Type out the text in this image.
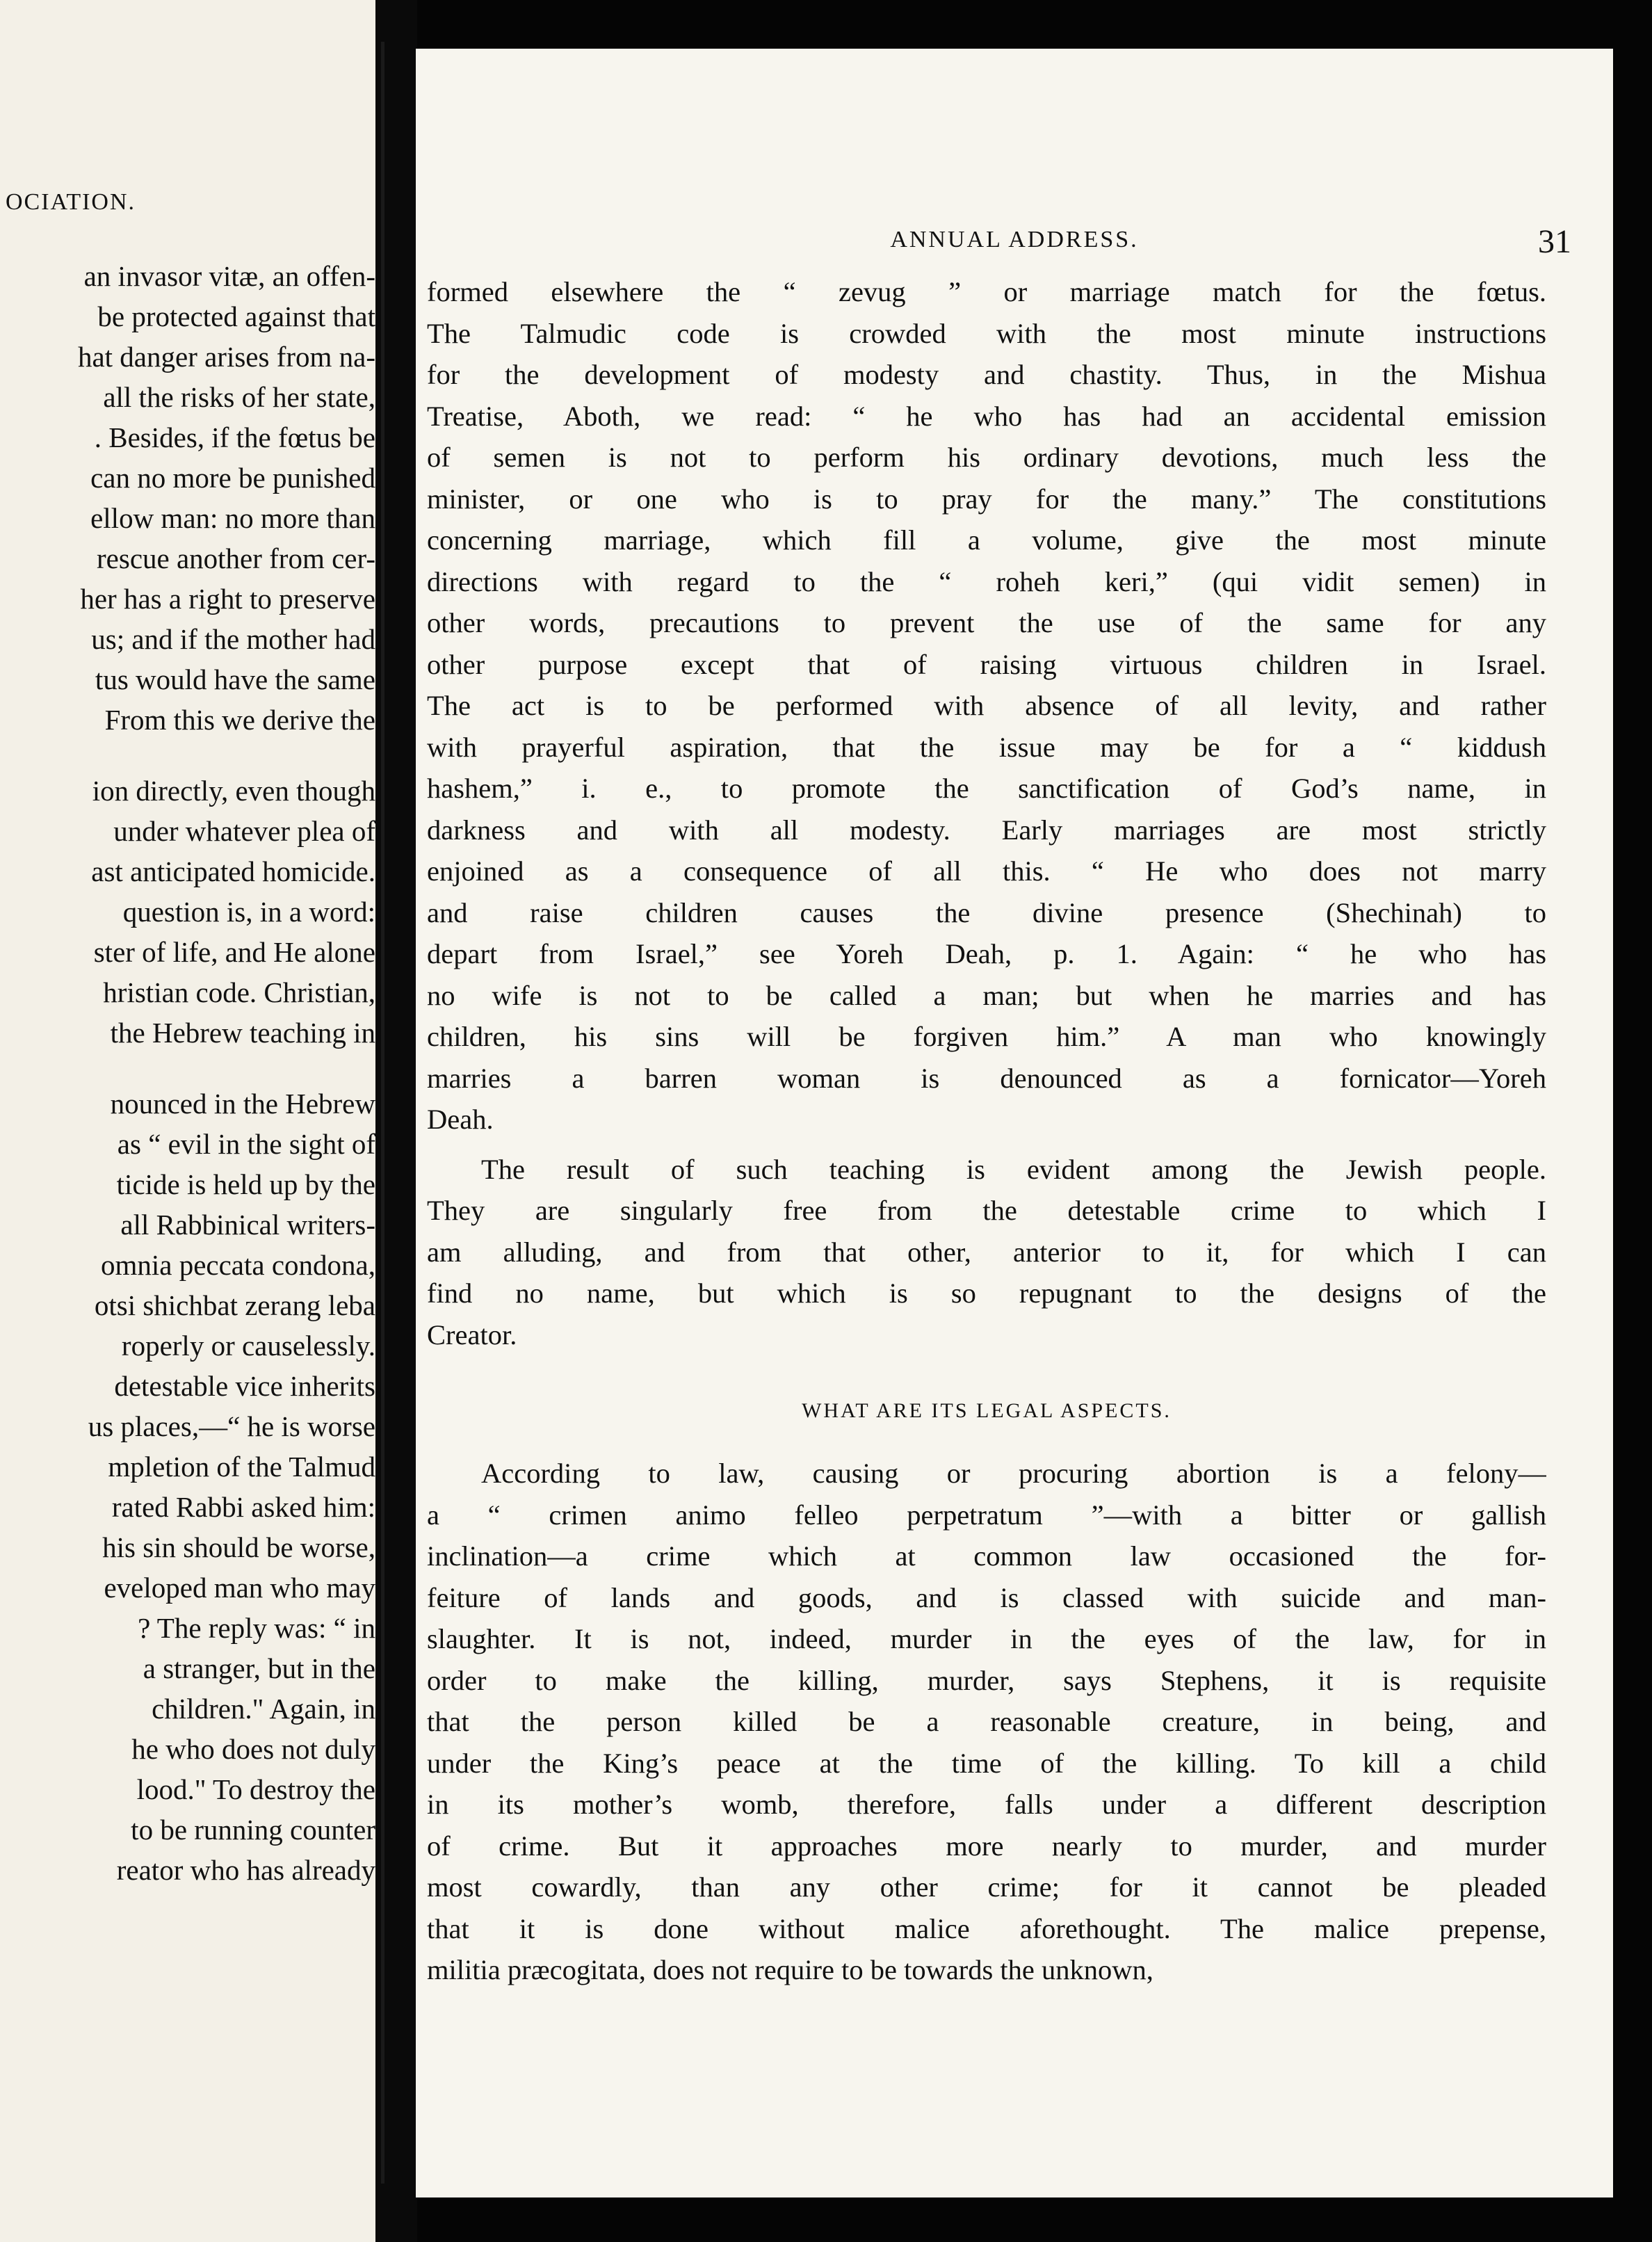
OCIATION.
an invasor vitæ, an offen-
be protected against that
hat danger arises from na-
all the risks of her state,
. Besides, if the fœtus be
can no more be punished
ellow man: no more than
rescue another from cer-
her has a right to preserve
us; and if the mother had
tus would have the same
From this we derive the
ion directly, even though
under whatever plea of
ast anticipated homicide.
question is, in a word:
ster of life, and He alone
hristian code. Christian,
the Hebrew teaching in
nounced in the Hebrew
as “ evil in the sight of
ticide is held up by the
all Rabbinical writers-
omnia peccata condona,
otsi shichbat zerang leba
roperly or causelessly.
detestable vice inherits
us places,—“ he is worse
mpletion of the Talmud
rated Rabbi asked him:
his sin should be worse,
eveloped man who may
? The reply was: “ in
a stranger, but in the
children." Again, in
he who does not duly
lood." To destroy the
to be running counter
reator who has already
ANNUAL ADDRESS.	31
formed elsewhere the “ zevug ” or marriage match for the fœtus.
The Talmudic code is crowded with the most minute instructions
for the development of modesty and chastity. Thus, in the Mishua
Treatise, Aboth, we read: “ he who has had an accidental emission
of semen is not to perform his ordinary devotions, much less the
minister, or one who is to pray for the many.” The constitutions
concerning marriage, which fill a volume, give the most minute
directions with regard to the “ roheh keri,” (qui vidit semen) in
other words, precautions to prevent the use of the same for any
other purpose except that of raising virtuous children in Israel.
The act is to be performed with absence of all levity, and rather
with prayerful aspiration, that the issue may be for a “ kiddush
hashem,” i. e., to promote the sanctification of God’s name, in
darkness and with all modesty. Early marriages are most strictly
enjoined as a consequence of all this. “ He who does not marry
and raise children causes the divine presence (Shechinah) to
depart from Israel,” see Yoreh Deah, p. 1. Again: “ he who has
no wife is not to be called a man; but when he marries and has
children, his sins will be forgiven him.” A man who knowingly
marries a barren woman is denounced as a fornicator—Yoreh
Deah.
The result of such teaching is evident among the Jewish people.
They are singularly free from the detestable crime to which I
am alluding, and from that other, anterior to it, for which I can
find no name, but which is so repugnant to the designs of the
Creator.
WHAT ARE ITS LEGAL ASPECTS.
According to law, causing or procuring abortion is a felony—
a “ crimen animo felleo perpetratum ”—with a bitter or gallish
inclination—a crime which at common law occasioned the for-
feiture of lands and goods, and is classed with suicide and man-
slaughter. It is not, indeed, murder in the eyes of the law, for in
order to make the killing, murder, says Stephens, it is requisite
that the person killed be a reasonable creature, in being, and
under the King’s peace at the time of the killing. To kill a child
in its mother’s womb, therefore, falls under a different description
of crime. But it approaches more nearly to murder, and murder
most cowardly, than any other crime; for it cannot be pleaded
that it is done without malice aforethought. The malice prepense,
militia præcogitata, does not require to be towards the unknown,
